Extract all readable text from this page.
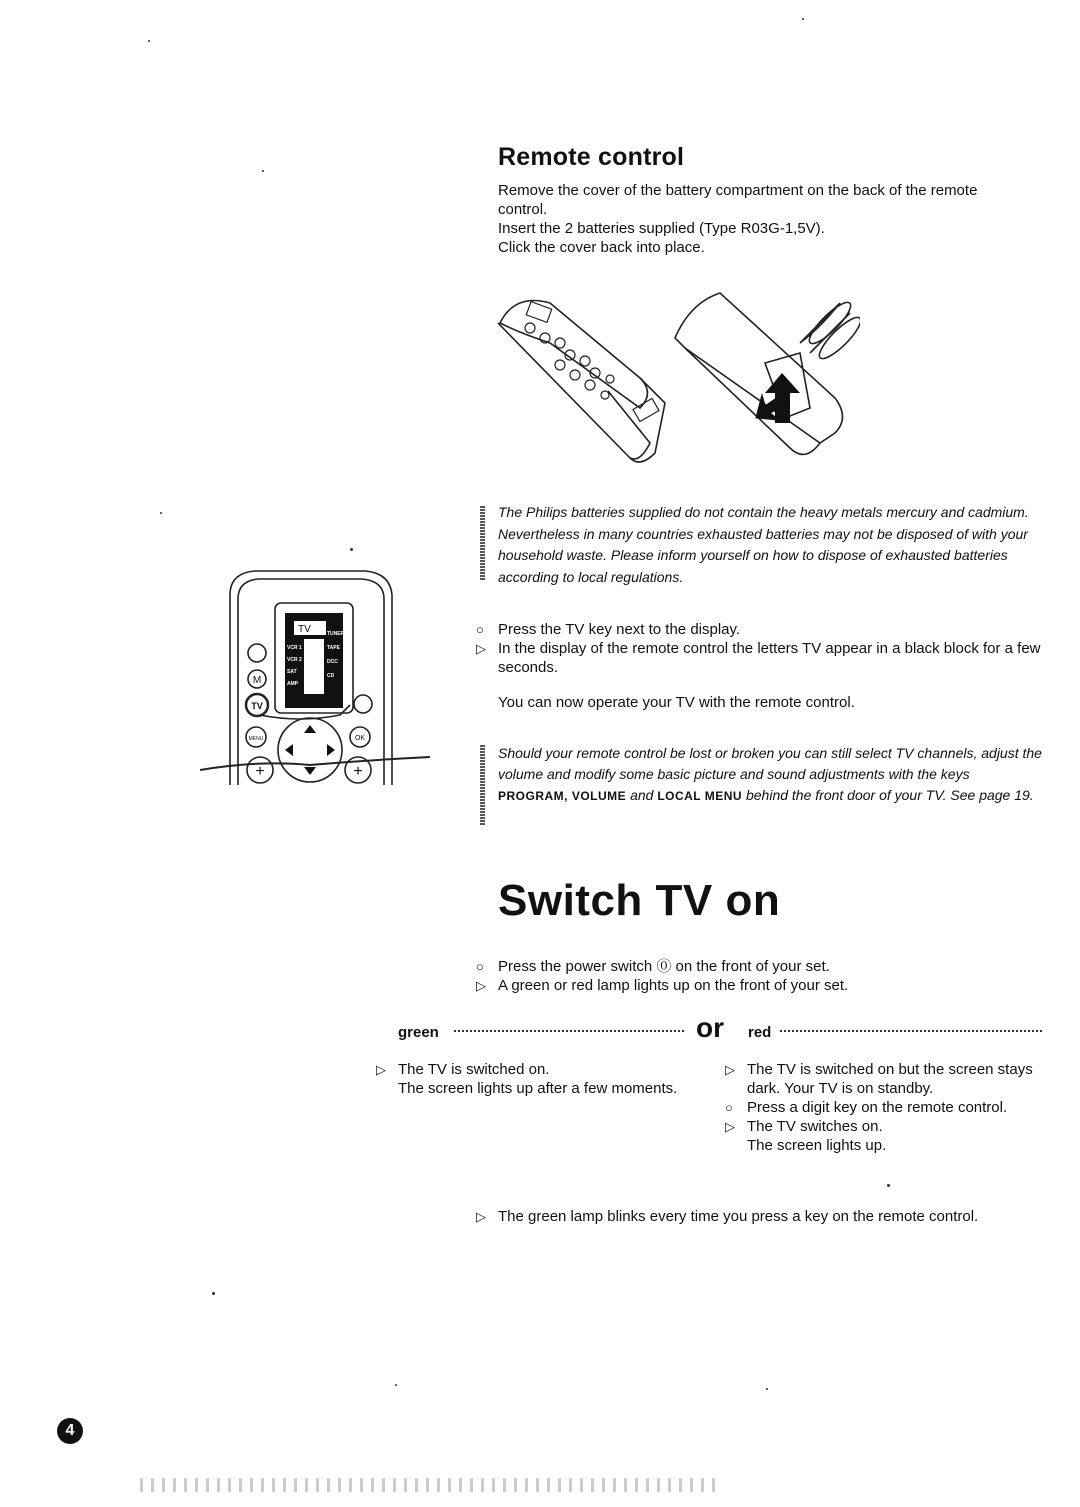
Remote control
Remove the cover of the battery compartment on the back of the remote control.
Insert the 2 batteries supplied (Type R03G-1,5V).
Click the cover back into place.
The Philips batteries supplied do not contain the heavy metals mercury and cadmium. Nevertheless in many countries exhausted batteries may not be disposed of with your household waste. Please inform yourself on how to dispose of exhausted batteries according to local regulations.
○ Press the TV key next to the display.
▷ In the display of the remote control the letters TV appear in a black block for a few seconds.
You can now operate your TV with the remote control.
Should your remote control be lost or broken you can still select TV channels, adjust the volume and modify some basic picture and sound adjustments with the keys PROGRAM, VOLUME and LOCAL MENU behind the front door of your TV. See page 19.
TV
VCR 1
VCR 2
SAT
AMP
TUNER
TAPE
DCC
CD
M
TV
MENU	OK
+	+
Switch TV on
○ Press the power switch ⓪ on the front of your set.
▷ A green or red lamp lights up on the front of your set.
green	or red
▷ The TV is switched on.
The screen lights up after a few moments.
▷ The TV is switched on but the screen stays dark. Your TV is on standby.
○ Press a digit key on the remote control.
▷ The TV switches on.
The screen lights up.
▷ The green lamp blinks every time you press a key on the remote control.
4
